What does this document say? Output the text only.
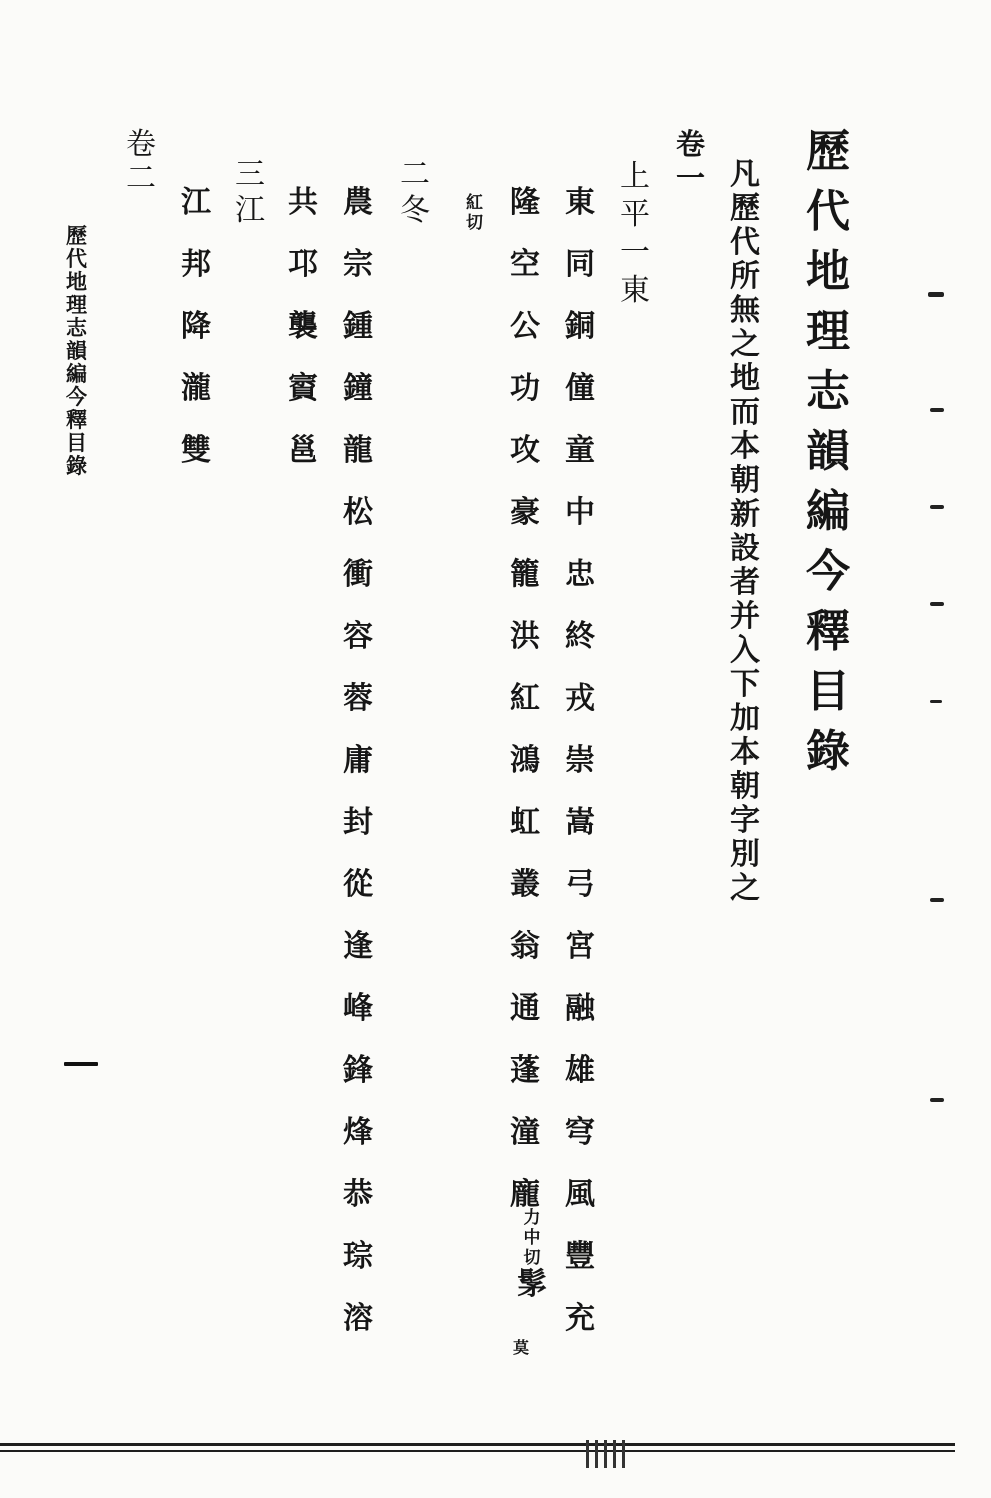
歷
代
地
理
志
韻
編
今
釋
目
錄
凡
歷
代
所
無
之
地
而
本
朝
新
設
者
并
入
下
加
本
朝
字
別
之
卷
一
上
平
一
東
東
同
銅
僮
童
中
忠
終
戎
崇
嵩
弓
宮
融
雄
穹
風
豐
充
隆
空
公
功
攻
豪
籠
洪
紅
鴻
虹
叢
翁
通
蓬
潼
龐
力
中
切
髳
莫
紅
切
二
冬
農
宗
鍾
鐘
龍
松
衝
容
蓉
庸
封
從
逢
峰
鋒
烽
恭
琮
溶
共
邛
襲
賨
邕
三
江
江
邦
降
瀧
雙
卷
二
歷
代
地
理
志
韻
編
今
釋
目
錄
